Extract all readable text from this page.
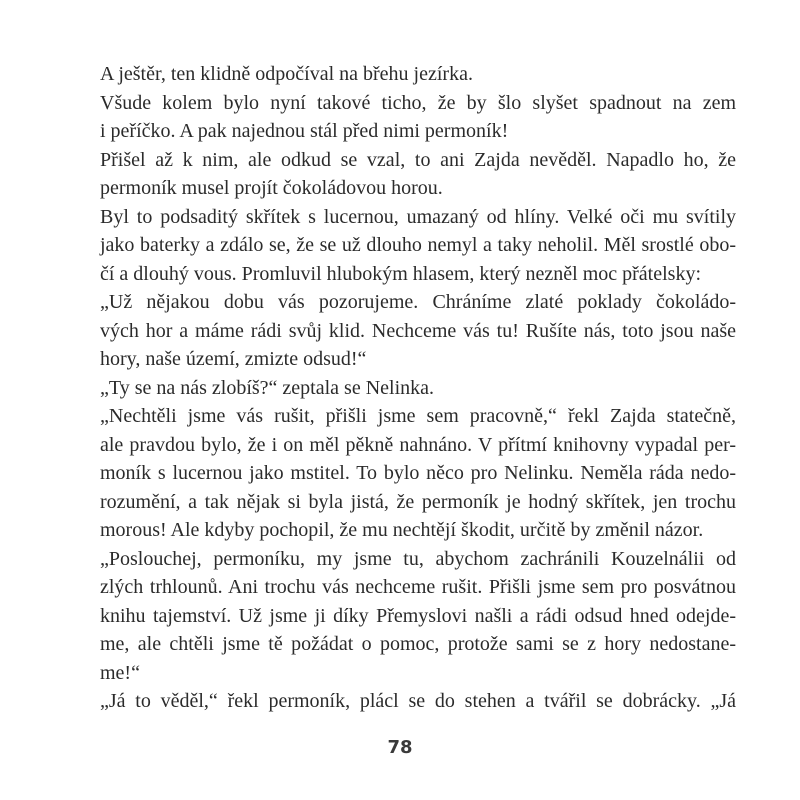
A ještěr, ten klidně odpočíval na břehu jezírka.

Všude kolem bylo nyní takové ticho, že by šlo slyšet spadnout na zem
i peříčko. A pak najednou stál před nimi permoník!

Přišel až k nim, ale odkud se vzal, to ani Zajda nevěděl. Napadlo ho, že
permoník musel projít čokoládovou horou.

Byl to podsaditý skřítek s lucernou, umazaný od hlíny. Velké oči mu svítily
jako baterky a zdálo se, že se už dlouho nemyl a taky neholil. Měl srostlé obo-
čí a dlouhý vous. Promluvil hlubokým hlasem, který nezněl moc přátelsky:

„Už nějakou dobu vás pozorujeme. Chráníme zlaté poklady čokoládo-
vých hor a máme rádi svůj klid. Nechceme vás tu! Rušíte nás, toto jsou naše
hory, naše území, zmizte odsud!“

„Ty se na nás zlobíš?“ zeptala se Nelinka.

„Nechtěli jsme vás rušit, přišli jsme sem pracovně,“ řekl Zajda statečně,
ale pravdou bylo, že i on měl pěkně nahnáno. V přítmí knihovny vypadal per-
moník s lucernou jako mstitel. To bylo něco pro Nelinku. Neměla ráda nedo-
rozumění, a tak nějak si byla jistá, že permoník je hodný skřítek, jen trochu
morous! Ale kdyby pochopil, že mu nechtějí škodit, určitě by změnil názor.

„Poslouchej, permoníku, my jsme tu, abychom zachránili Kouzelnálii od
zlých trhlounů. Ani trochu vás nechceme rušit. Přišli jsme sem pro posvátnou
knihu tajemství. Už jsme ji díky Přemyslovi našli a rádi odsud hned odejde-
me, ale chtěli jsme tě požádat o pomoc, protože sami se z hory nedostane-
me!“

„Já to věděl,“ řekl permoník, plácl se do stehen a tvářil se dobrácky. „Já

78
